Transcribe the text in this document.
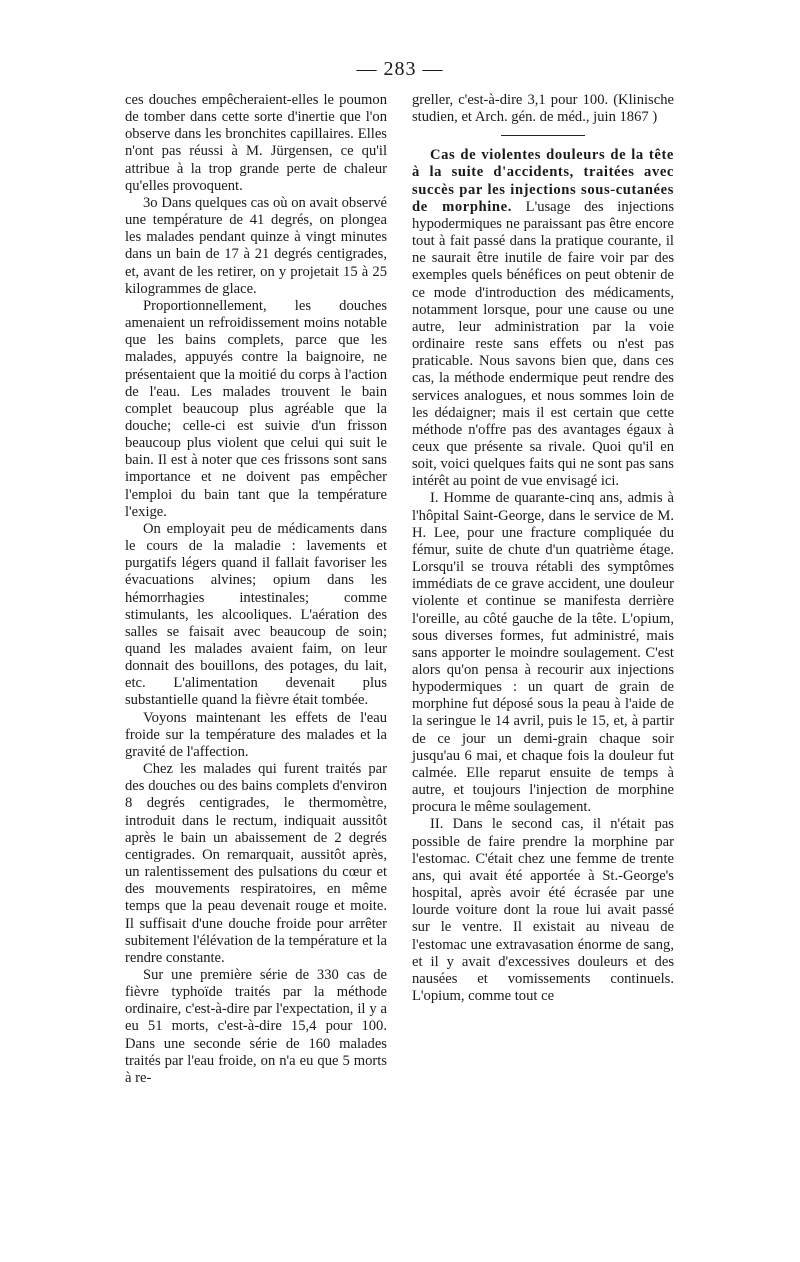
— 283 —

ces douches empêcheraient-elles le poumon de tomber dans cette sorte d'inertie que l'on observe dans les bronchites capillaires. Elles n'ont pas réussi à M. Jürgensen, ce qu'il attribue à la trop grande perte de chaleur qu'elles provoquent.

3o Dans quelques cas où on avait observé une température de 41 degrés, on plongea les malades pendant quinze à vingt minutes dans un bain de 17 à 21 degrés centigrades, et, avant de les retirer, on y projetait 15 à 25 kilogrammes de glace.

Proportionnellement, les douches amenaient un refroidissement moins notable que les bains complets, parce que les malades, appuyés contre la baignoire, ne présentaient que la moitié du corps à l'action de l'eau. Les malades trouvent le bain complet beaucoup plus agréable que la douche; celle-ci est suivie d'un frisson beaucoup plus violent que celui qui suit le bain. Il est à noter que ces frissons sont sans importance et ne doivent pas empêcher l'emploi du bain tant que la température l'exige.

On employait peu de médicaments dans le cours de la maladie : lavements et purgatifs légers quand il fallait favoriser les évacuations alvines; opium dans les hémorrhagies intestinales; comme stimulants, les alcooliques. L'aération des salles se faisait avec beaucoup de soin; quand les malades avaient faim, on leur donnait des bouillons, des potages, du lait, etc. L'alimentation devenait plus substantielle quand la fièvre était tombée.

Voyons maintenant les effets de l'eau froide sur la température des malades et la gravité de l'affection.

Chez les malades qui furent traités par des douches ou des bains complets d'environ 8 degrés centigrades, le thermomètre, introduit dans le rectum, indiquait aussitôt après le bain un abaissement de 2 degrés centigrades. On remarquait, aussitôt après, un ralentissement des pulsations du cœur et des mouvements respiratoires, en même temps que la peau devenait rouge et moite. Il suffisait d'une douche froide pour arrêter subitement l'élévation de la température et la rendre constante.

Sur une première série de 330 cas de fièvre typhoïde traités par la méthode ordinaire, c'est-à-dire par l'expectation, il y a eu 51 morts, c'est-à-dire 15,4 pour 100. Dans une seconde série de 160 malades traités par l'eau froide, on n'a eu que 5 morts à re-

greller, c'est-à-dire 3,1 pour 100. (Klinische studien, et Arch. gén. de méd., juin 1867 )

Cas de violentes douleurs de la tête à la suite d'accidents, traitées avec succès par les injections sous-cutanées de morphine. L'usage des injections hypodermiques ne paraissant pas être encore tout à fait passé dans la pratique courante, il ne saurait être inutile de faire voir par des exemples quels bénéfices on peut obtenir de ce mode d'introduction des médicaments, notamment lorsque, pour une cause ou une autre, leur administration par la voie ordinaire reste sans effets ou n'est pas praticable. Nous savons bien que, dans ces cas, la méthode endermique peut rendre des services analogues, et nous sommes loin de les dédaigner; mais il est certain que cette méthode n'offre pas des avantages égaux à ceux que présente sa rivale. Quoi qu'il en soit, voici quelques faits qui ne sont pas sans intérêt au point de vue envisagé ici.

I. Homme de quarante-cinq ans, admis à l'hôpital Saint-George, dans le service de M. H. Lee, pour une fracture compliquée du fémur, suite de chute d'un quatrième étage. Lorsqu'il se trouva rétabli des symptômes immédiats de ce grave accident, une douleur violente et continue se manifesta derrière l'oreille, au côté gauche de la tête. L'opium, sous diverses formes, fut administré, mais sans apporter le moindre soulagement. C'est alors qu'on pensa à recourir aux injections hypodermiques : un quart de grain de morphine fut déposé sous la peau à l'aide de la seringue le 14 avril, puis le 15, et, à partir de ce jour un demi-grain chaque soir jusqu'au 6 mai, et chaque fois la douleur fut calmée. Elle reparut ensuite de temps à autre, et toujours l'injection de morphine procura le même soulagement.

II. Dans le second cas, il n'était pas possible de faire prendre la morphine par l'estomac. C'était chez une femme de trente ans, qui avait été apportée à St.-George's hospital, après avoir été écrasée par une lourde voiture dont la roue lui avait passé sur le ventre. Il existait au niveau de l'estomac une extravasation énorme de sang, et il y avait d'excessives douleurs et des nausées et vomissements continuels. L'opium, comme tout ce
